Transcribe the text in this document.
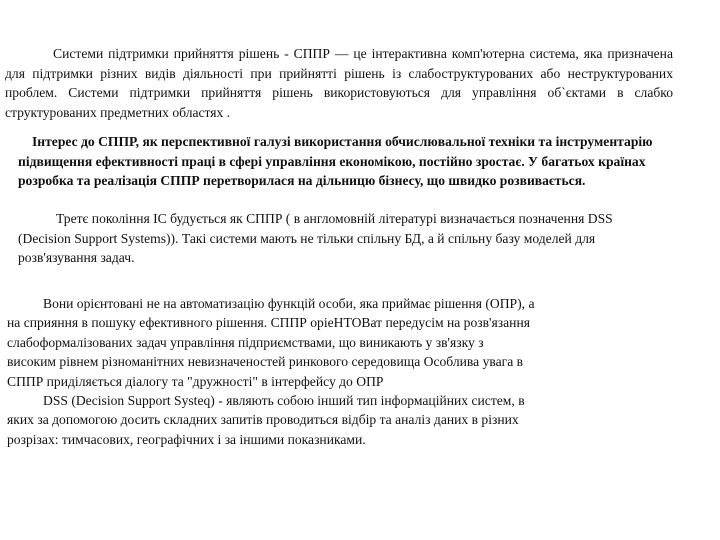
Системи підтримки прийняття рішень - СППР — це інтерактивна комп'ютерна система, яка призначена для підтримки різних видів діяльності при прийнятті рішень із слабоструктурованих або неструктурованих проблем. Системи підтримки прийняття рішень використовуються для управління об`єктами в слабко структурованих предметних областях .

Інтерес до СППР, як перспективної галузі використання обчислювальної техніки та інструментарію підвищення ефективності праці в сфері управління економікою, постійно зростає. У багатьох країнах розробка та реалізація СППР перетворилася на дільницю бізнесу, що швидко розвивається.

Третє покоління ІС будується як СППР ( в англомовній літературі визначається позначення DSS (Decision Support Systems)). Такі системи мають не тільки спільну БД, а й спільну базу моделей для розв'язування задач.

Вони орієнтовані не на автоматизацію функцій особи, яка приймає рішення (ОПР), а
на сприяння в пошуку ефективного рішення. СППР оріеНТОВат передусім на розв'язання
слабоформалізованих задач управління підприємствами, що виникають у зв'язку з
високим рівнем різноманітних невизначеностей ринкового середовища Особлива увага в
СППР приділяється діалогу та "дружності" в інтерфейсу до ОПР
DSS (Decision Support Systeq) - являють собою інший тип інформаційних систем, в
яких за допомогою досить складних запитів проводиться відбір та аналіз даних в різних
розрізах: тимчасових, географічних і за іншими показниками.
